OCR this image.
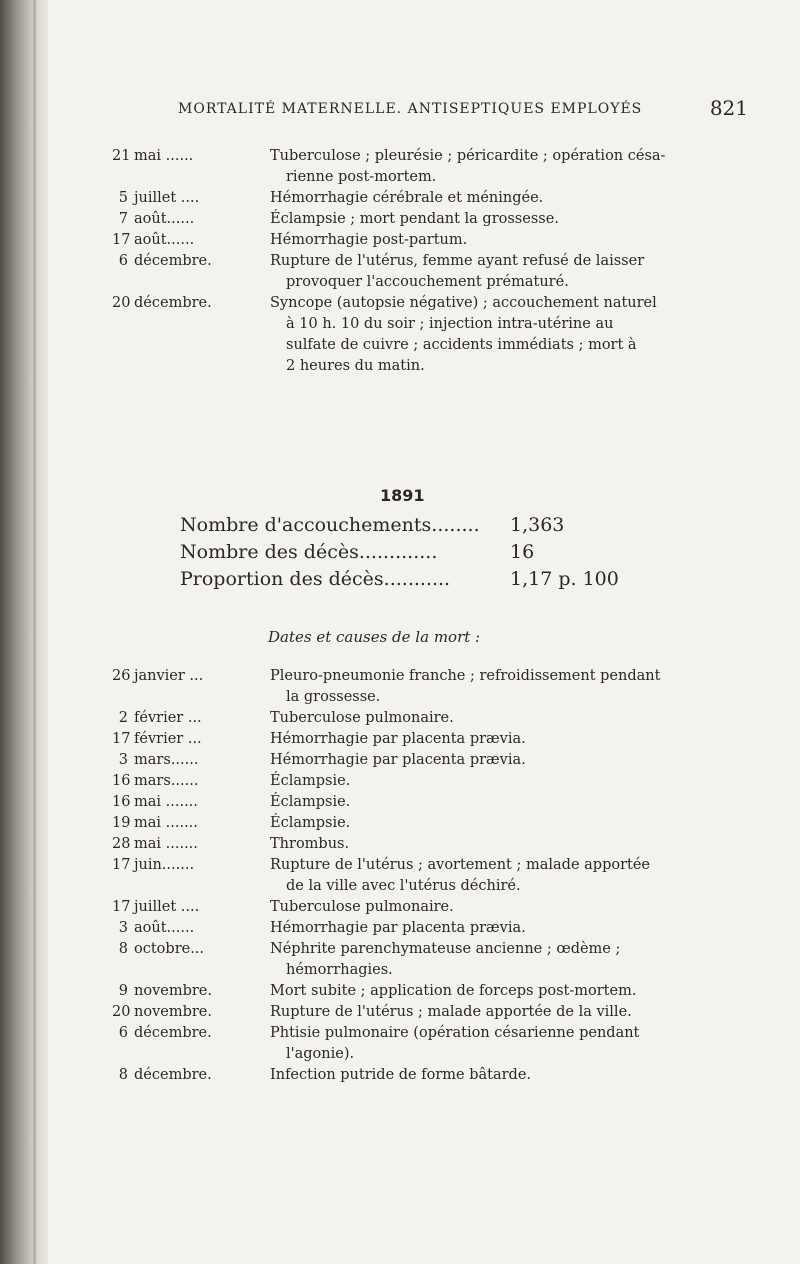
MORTALITÉ MATERNELLE. ANTISEPTIQUES EMPLOYÉS	821
21 mai ......	Tuberculose ; pleurésie ; péricardite ; opération césa-
rienne post-mortem.
5 juillet ....	Hémorrhagie cérébrale et méningée.
7 août......	Éclampsie ; mort pendant la grossesse.
17 août......	Hémorrhagie post-partum.
6 décembre.	Rupture de l'utérus, femme ayant refusé de laisser
provoquer l'accouchement prématuré.
20 décembre.	Syncope (autopsie négative) ; accouchement naturel
à 10 h. 10 du soir ; injection intra-utérine au
sulfate de cuivre ; accidents immédiats ; mort à
2 heures du matin.
1891
Nombre d'accouchements........ 1,363
Nombre des décès.............	16
Proportion des décès...........	1,17 p. 100
Dates et causes de la mort :
26 janvier ...	Pleuro-pneumonie franche ; refroidissement pendant
la grossesse.
2 février ...	Tuberculose pulmonaire.
17 février ...	Hémorrhagie par placenta prævia.
3 mars......	Hémorrhagie par placenta prævia.
16 mars......	Éclampsie.
16 mai .......	Éclampsie.
19 mai .......	Éclampsie.
28 mai .......	Thrombus.
17 juin.......	Rupture de l'utérus ; avortement ; malade apportée
de la ville avec l'utérus déchiré.
17 juillet ....	Tuberculose pulmonaire.
3 août......	Hémorrhagie par placenta prævia.
8 octobre...	Néphrite parenchymateuse ancienne ; œdème ;
hémorrhagies.
9 novembre.	Mort subite ; application de forceps post-mortem.
20 novembre.	Rupture de l'utérus ; malade apportée de la ville.
6 décembre.	Phtisie pulmonaire (opération césarienne pendant
l'agonie).
8 décembre.	Infection putride de forme bâtarde.
